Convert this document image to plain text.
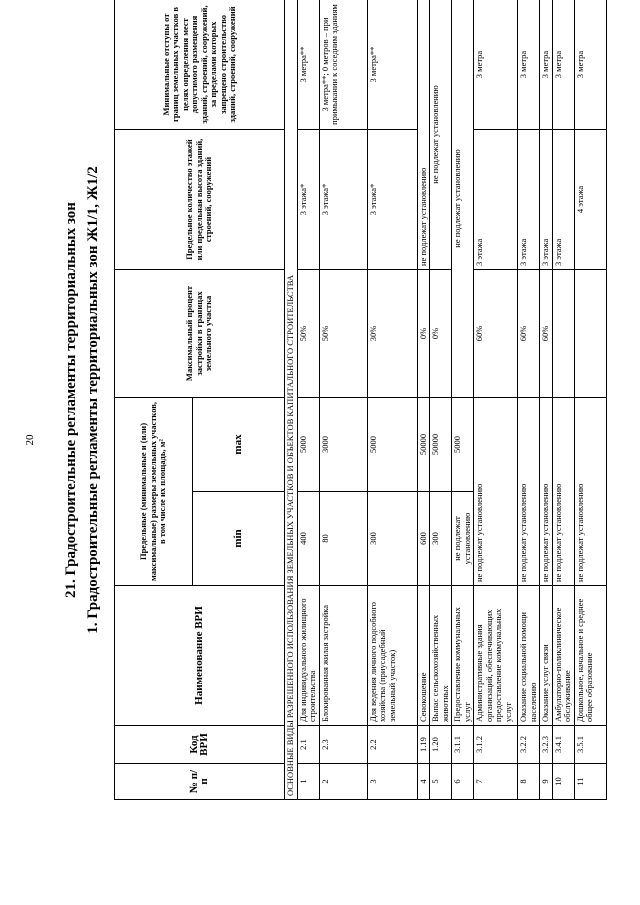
20 21. Градостроительные регламенты территориальных зон 1. Градостроительные регламенты территориальных зон Ж1/1, Ж1/2
№ п/п	Код ВРИ	Наименование ВРИ	Предельные (минимальные и (или) максимальные) размеры земельных участков, в том числе их площадь, м²		Максимальный процент застройки в границах земельного участка	Предельное количество этажей или предельная высота зданий, строений, сооружений	Минимальные отступы от границ земельных участков в целях определения мест допустимого размещения зданий, строений, сооружений, за пределами которых запрещено строительство зданий, строений, сооружений
			min	max			
ОСНОВНЫЕ ВИДЫ РАЗРЕШЕННОГО ИСПОЛЬЗОВАНИЯ ЗЕМЕЛЬНЫХ УЧАСТКОВ И ОБЪЕКТОВ КАПИТАЛЬНОГО СТРОИТЕЛЬСТВА							
1	2.1	Для индивидуального жилищного строительства	400	5000	50%	3 этажа*	3 метра**
2	2.3	Блокированная жилая застройка	80	3000	50%	3 этажа*	3 метра**; 0 метров – при примыкании к соседним зданиям
3	2.2	Для ведения личного подсобного хозяйства (приусадебный земельный участок)	300	5000	30%	3 этажа*	3 метра**
4	1.19	Сенокошение	600	50000	0%	не подлежат установлению	
5	1.20	Выпас сельскохозяйственных животных	300	50000	0%	не подлежат установлению	
6	3.1.1	Предоставление коммунальных услуг	не подлежат установлению	5000	не подлежат установлению		
7	3.1.2	Административные здания организаций, обеспечивающих предоставление коммунальных услуг	не подлежат установлению		60%	3 этажа	3 метра
8	3.2.2	Оказание социальной помощи населению	не подлежат установлению		60%	3 этажа	3 метра
9	3.2.3	Оказание услуг связи	не подлежат установлению		60%	3 этажа	3 метра
10	3.4.1	Амбулаторно-поликлиническое обслуживание	не подлежат установлению			3 этажа	3 метра
11	3.5.1	Дошкольное, начальное и среднее общее образование	не подлежат установлению			4 этажа	3 метра
